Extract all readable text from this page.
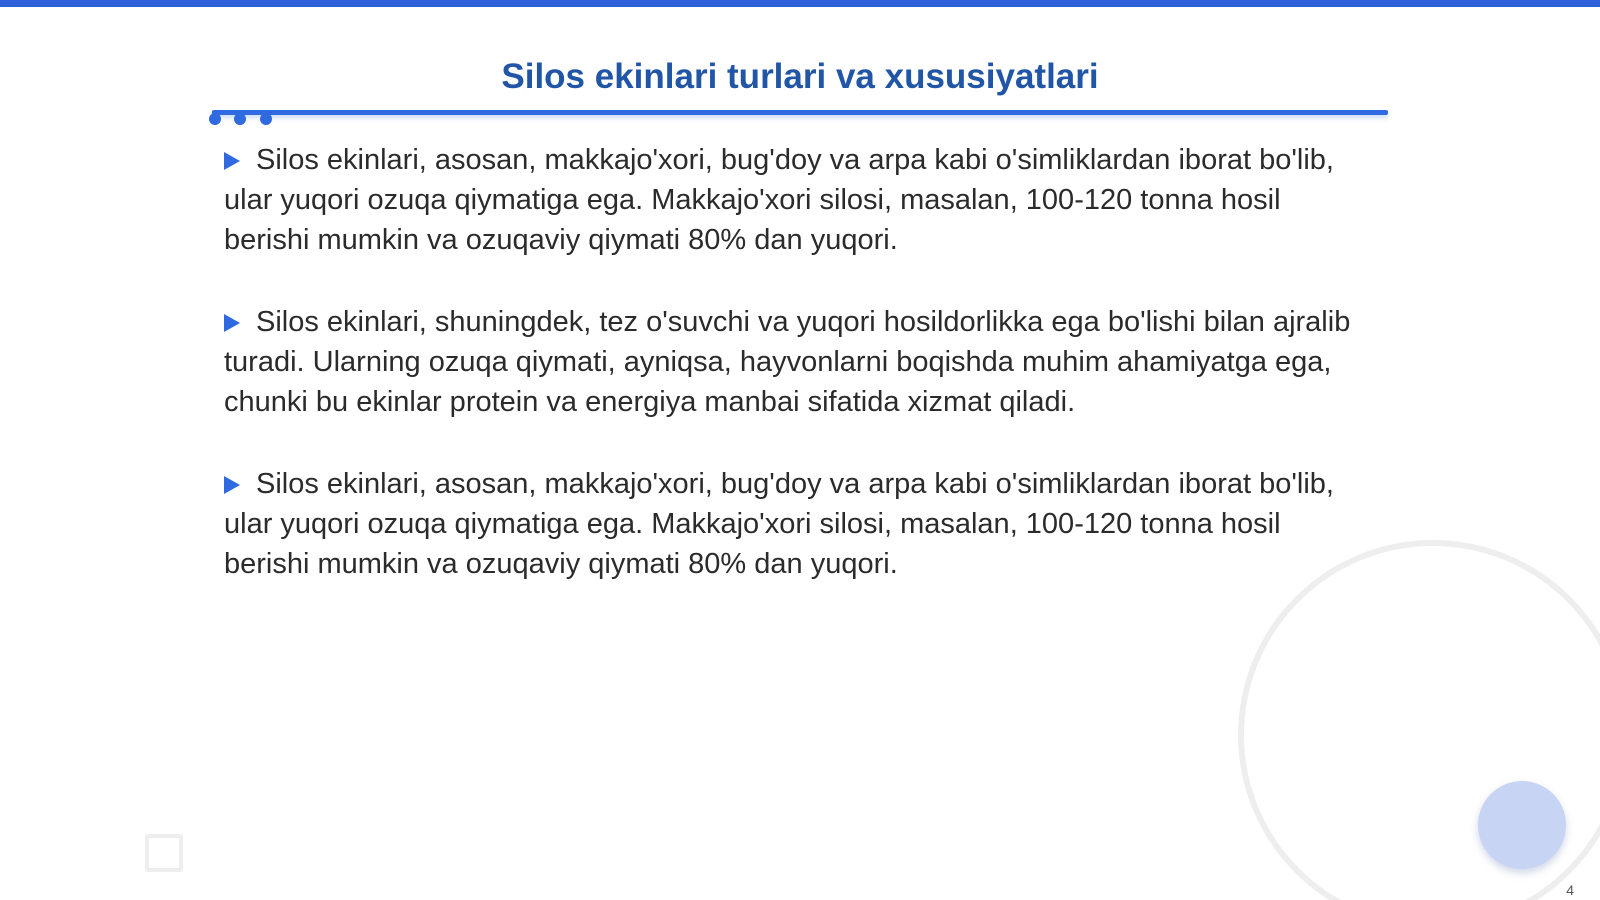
Silos ekinlari turlari va xususiyatlari
Silos ekinlari, asosan, makkajo'xori, bug'doy va arpa kabi o'simliklardan iborat bo'lib, ular yuqori ozuqa qiymatiga ega. Makkajo'xori silosi, masalan, 100-120 tonna hosil berishi mumkin va ozuqaviy qiymati 80% dan yuqori.
Silos ekinlari, shuningdek, tez o'suvchi va yuqori hosildorlikka ega bo'lishi bilan ajralib turadi. Ularning ozuqa qiymati, ayniqsa, hayvonlarni boqishda muhim ahamiyatga ega, chunki bu ekinlar protein va energiya manbai sifatida xizmat qiladi.
Silos ekinlari, asosan, makkajo'xori, bug'doy va arpa kabi o'simliklardan iborat bo'lib, ular yuqori ozuqa qiymatiga ega. Makkajo'xori silosi, masalan, 100-120 tonna hosil berishi mumkin va ozuqaviy qiymati 80% dan yuqori.
4
